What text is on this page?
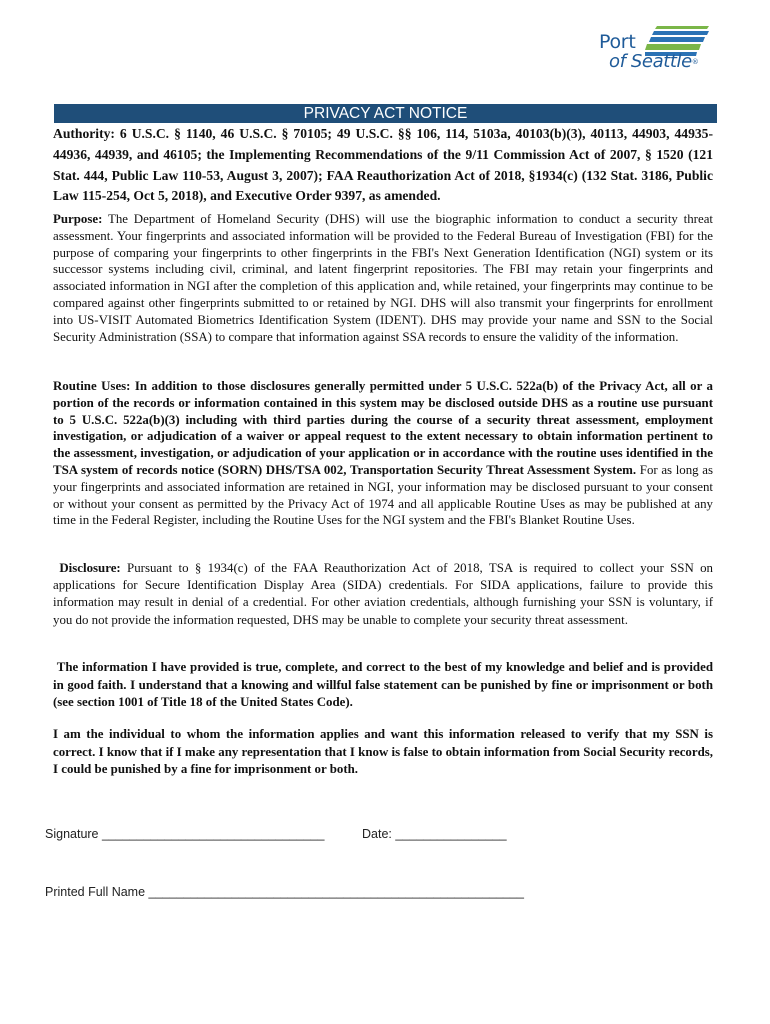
Port
of Seattle®
PRIVACY ACT NOTICE
Authority: 6 U.S.C. § 1140, 46 U.S.C. § 70105; 49 U.S.C. §§ 106, 114, 5103a, 40103(b)(3), 40113, 44903, 44935-44936, 44939, and 46105; the Implementing Recommendations of the 9/11 Commission Act of 2007, § 1520 (121 Stat. 444, Public Law 110-53, August 3, 2007); FAA Reauthorization Act of 2018, §1934(c) (132 Stat. 3186, Public Law 115-254, Oct 5, 2018), and Executive Order 9397, as amended.
Purpose: The Department of Homeland Security (DHS) will use the biographic information to conduct a security threat assessment. Your fingerprints and associated information will be provided to the Federal Bureau of Investigation (FBI) for the purpose of comparing your fingerprints to other fingerprints in the FBI's Next Generation Identification (NGI) system or its successor systems including civil, criminal, and latent fingerprint repositories. The FBI may retain your fingerprints and associated information in NGI after the completion of this application and, while retained, your fingerprints may continue to be compared against other fingerprints submitted to or retained by NGI. DHS will also transmit your fingerprints for enrollment into US-VISIT Automated Biometrics Identification System (IDENT). DHS may provide your name and SSN to the Social Security Administration (SSA) to compare that information against SSA records to ensure the validity of the information.
Routine Uses: In addition to those disclosures generally permitted under 5 U.S.C. 522a(b) of the Privacy Act, all or a portion of the records or information contained in this system may be disclosed outside DHS as a routine use pursuant to 5 U.S.C. 522a(b)(3) including with third parties during the course of a security threat assessment, employment investigation, or adjudication of a waiver or appeal request to the extent necessary to obtain information pertinent to the assessment, investigation, or adjudication of your application or in accordance with the routine uses identified in the TSA system of records notice (SORN) DHS/TSA 002, Transportation Security Threat Assessment System. For as long as your fingerprints and associated information are retained in NGI, your information may be disclosed pursuant to your consent or without your consent as permitted by the Privacy Act of 1974 and all applicable Routine Uses as may be published at any time in the Federal Register, including the Routine Uses for the NGI system and the FBI's Blanket Routine Uses.
Disclosure: Pursuant to § 1934(c) of the FAA Reauthorization Act of 2018, TSA is required to collect your SSN on applications for Secure Identification Display Area (SIDA) credentials. For SIDA applications, failure to provide this information may result in denial of a credential. For other aviation credentials, although furnishing your SSN is voluntary, if you do not provide the information requested, DHS may be unable to complete your security threat assessment.
The information I have provided is true, complete, and correct to the best of my knowledge and belief and is provided in good faith. I understand that a knowing and willful false statement can be punished by fine or imprisonment or both (see section 1001 of Title 18 of the United States Code).
I am the individual to whom the information applies and want this information released to verify that my SSN is correct. I know that if I make any representation that I know is false to obtain information from Social Security records, I could be punished by a fine for imprisonment or both.
Signature ________________________________	Date: ________________
Printed Full Name ______________________________________________________
